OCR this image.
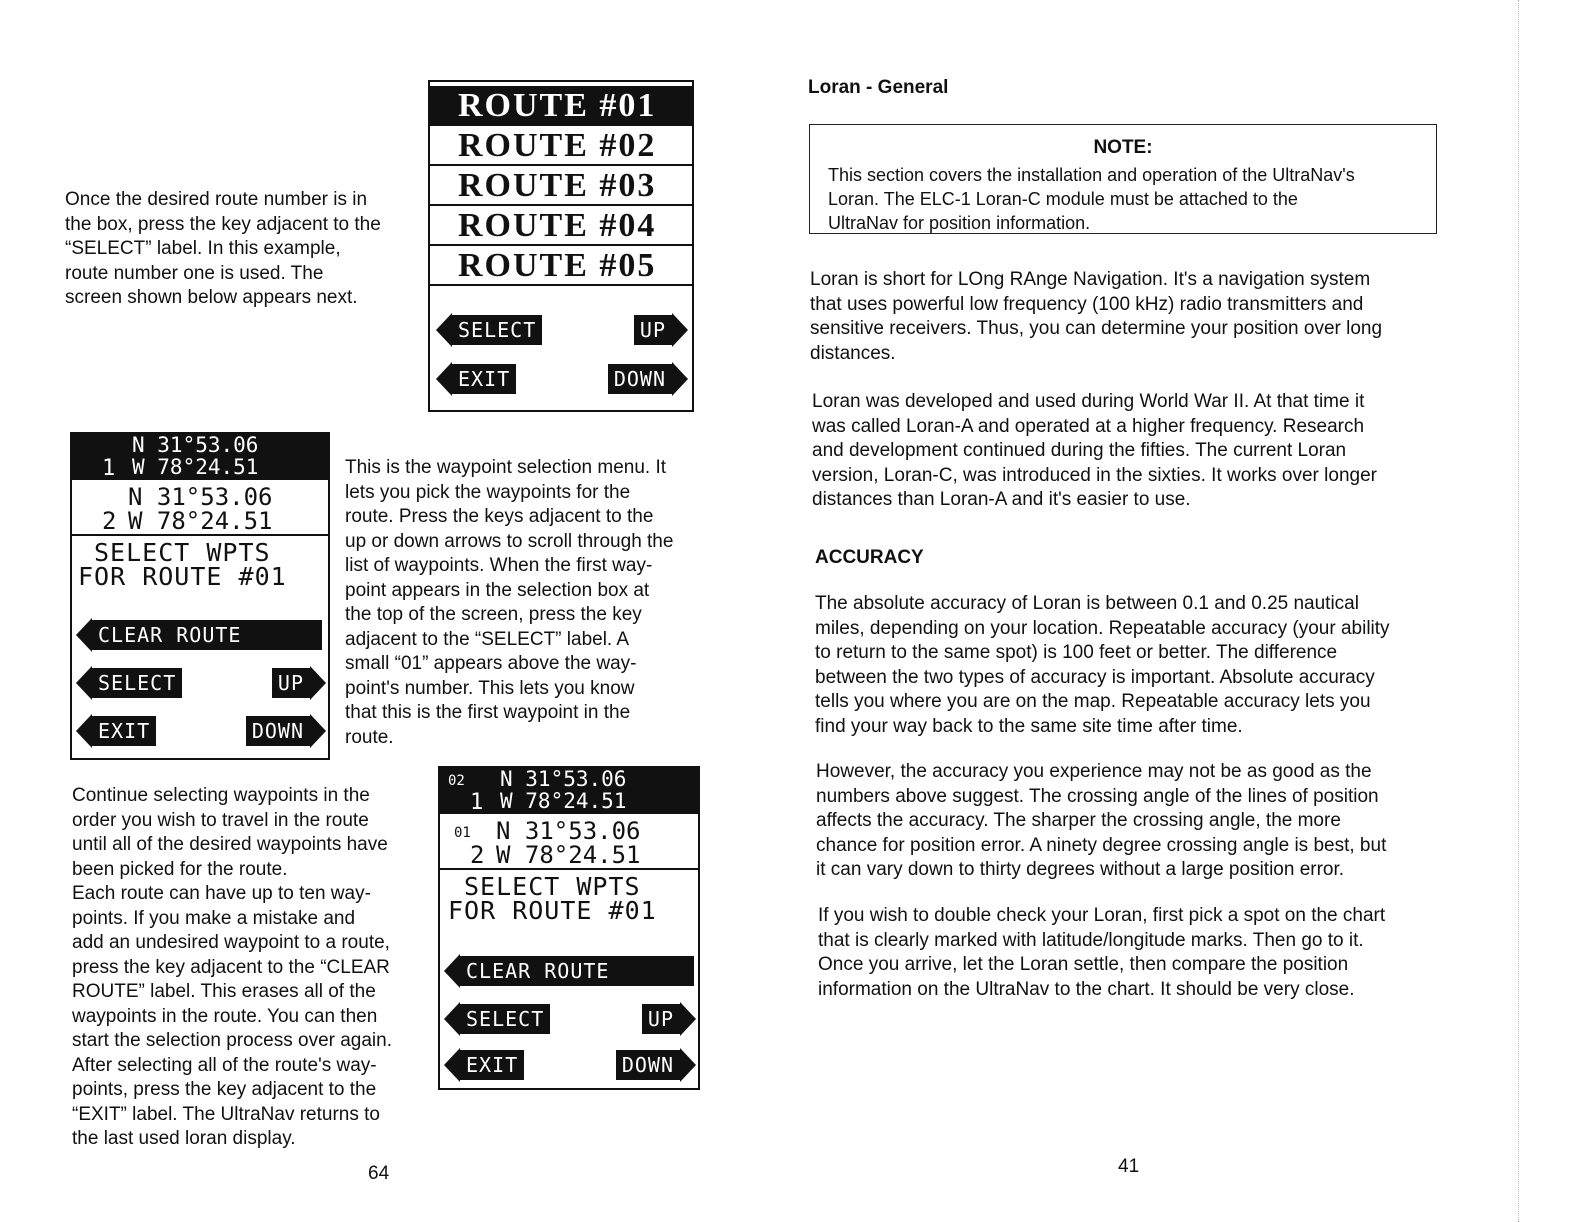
Once the desired route number is in
the box, press the key adjacent to the
“SELECT” label. In this example,
route number one is used. The
screen shown below appears next.
ROUTE #01
ROUTE #02
ROUTE #03
ROUTE #04
ROUTE #05
SELECT	UP
EXIT	DOWN
1
N 31°53.06
W 78°24.51
2
N 31°53.06
W 78°24.51
SELECT WPTS
FOR ROUTE #01
CLEAR ROUTE
SELECT	UP
EXIT	DOWN
This is the waypoint selection menu. It
lets you pick the waypoints for the
route. Press the keys adjacent to the
up or down arrows to scroll through the
list of waypoints. When the first way-
point appears in the selection box at
the top of the screen, press the key
adjacent to the “SELECT” label. A
small “01” appears above the way-
point's number. This lets you know
that this is the first waypoint in the
route.
Continue selecting waypoints in the
order you wish to travel in the route
until all of the desired waypoints have
been picked for the route.
Each route can have up to ten way-
points. If you make a mistake and
add an undesired waypoint to a route,
press the key adjacent to the “CLEAR
ROUTE” label. This erases all of the
waypoints in the route. You can then
start the selection process over again.
After selecting all of the route's way-
points, press the key adjacent to the
“EXIT” label. The UltraNav returns to
the last used loran display.
02
1
N 31°53.06
W 78°24.51
01
2
N 31°53.06
W 78°24.51
SELECT WPTS
FOR ROUTE #01
CLEAR ROUTE
SELECT	UP
EXIT	DOWN
64
Loran - General
NOTE:
This section covers the installation and operation of the UltraNav's
Loran. The ELC-1 Loran-C module must be attached to the
UltraNav for position information.
Loran is short for LOng RAnge Navigation. It's a navigation system
that uses powerful low frequency (100 kHz) radio transmitters and
sensitive receivers. Thus, you can determine your position over long
distances.
Loran was developed and used during World War II. At that time it
was called Loran-A and operated at a higher frequency. Research
and development continued during the fifties. The current Loran
version, Loran-C, was introduced in the sixties. It works over longer
distances than Loran-A and it's easier to use.
ACCURACY
The absolute accuracy of Loran is between 0.1 and 0.25 nautical
miles, depending on your location. Repeatable accuracy (your ability
to return to the same spot) is 100 feet or better. The difference
between the two types of accuracy is important. Absolute accuracy
tells you where you are on the map. Repeatable accuracy lets you
find your way back to the same site time after time.
However, the accuracy you experience may not be as good as the
numbers above suggest. The crossing angle of the lines of position
affects the accuracy. The sharper the crossing angle, the more
chance for position error. A ninety degree crossing angle is best, but
it can vary down to thirty degrees without a large position error.
If you wish to double check your Loran, first pick a spot on the chart
that is clearly marked with latitude/longitude marks. Then go to it.
Once you arrive, let the Loran settle, then compare the position
information on the UltraNav to the chart. It should be very close.
41
